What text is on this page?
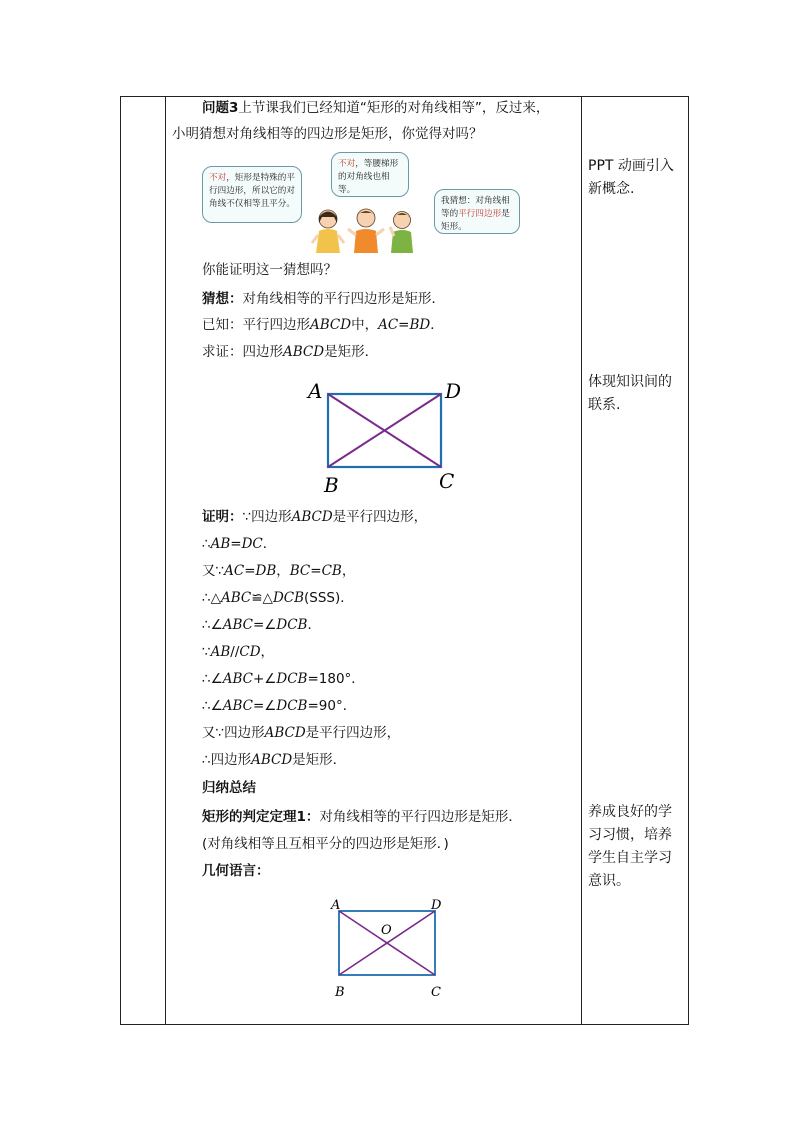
PPT 动画引入新概念.
体现知识间的联系.
养成良好的学习习惯，培养学生自主学习意识。
问题3上节课我们已经知道“矩形的对角线相等”，反过来，
小明猜想对角线相等的四边形是矩形，你觉得对吗？
不对，矩形是特殊的平行四边形，所以它的对角线不仅相等且平分。
不对，等腰梯形的对角线也相等。
我猜想：对角线相等的平行四边形是矩形。
你能证明这一猜想吗？
猜想：对角线相等的平行四边形是矩形．
已知：平行四边形ABCD中，AC=BD．
求证：四边形ABCD是矩形．
A	D
B	C
证明：∵四边形ABCD是平行四边形，
∴AB=DC．
又∵AC=DB，BC=CB，
∴△ABC≌△DCB(SSS)．
∴∠ABC=∠DCB．
∵AB//CD，
∴∠ABC+∠DCB=180°．
∴∠ABC=∠DCB=90°．
又∵四边形ABCD是平行四边形，
∴四边形ABCD是矩形．
归纳总结
矩形的判定定理1：对角线相等的平行四边形是矩形．
(对角线相等且互相平分的四边形是矩形．)
几何语言：
A	D
B	C
O
